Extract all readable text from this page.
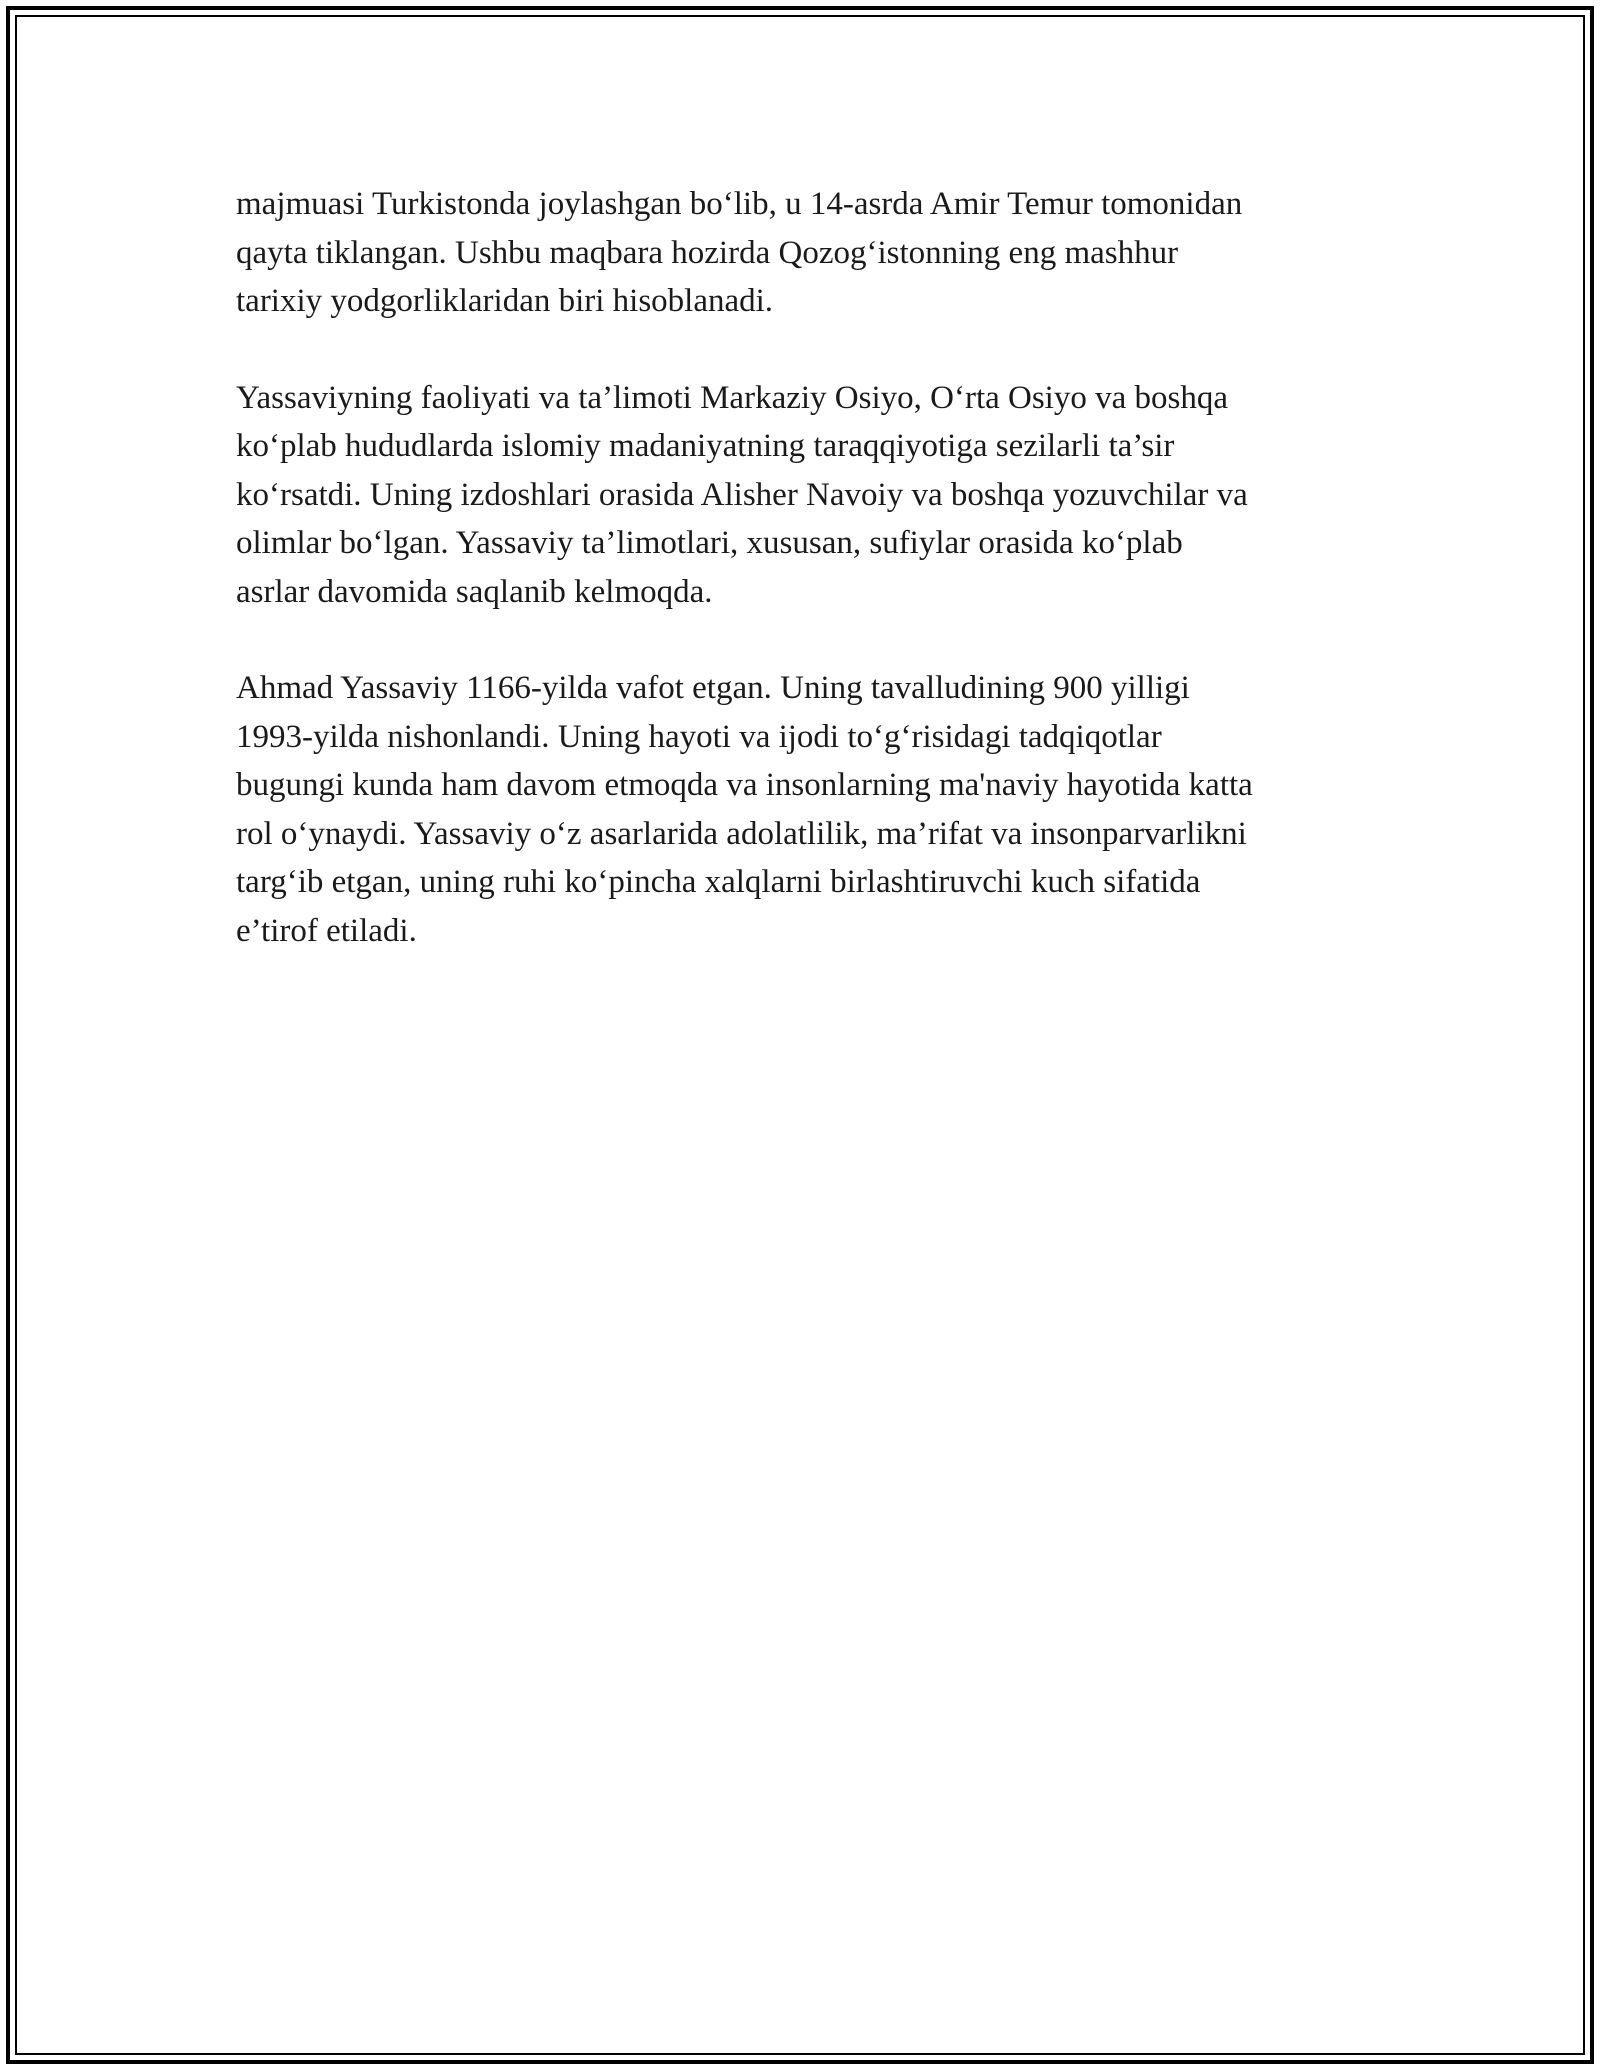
majmuasi Turkistonda joylashgan bo‘lib, u 14-asrda Amir Temur tomonidan
qayta tiklangan. Ushbu maqbara hozirda Qozog‘istonning eng mashhur
tarixiy yodgorliklaridan biri hisoblanadi.

Yassaviyning faoliyati va ta’limoti Markaziy Osiyo, O‘rta Osiyo va boshqa
ko‘plab hududlarda islomiy madaniyatning taraqqiyotiga sezilarli ta’sir
ko‘rsatdi. Uning izdoshlari orasida Alisher Navoiy va boshqa yozuvchilar va
olimlar bo‘lgan. Yassaviy ta’limotlari, xususan, sufiylar orasida ko‘plab
asrlar davomida saqlanib kelmoqda.

Ahmad Yassaviy 1166-yilda vafot etgan. Uning tavalludining 900 yilligi
1993-yilda nishonlandi. Uning hayoti va ijodi to‘g‘risidagi tadqiqotlar
bugungi kunda ham davom etmoqda va insonlarning ma'naviy hayotida katta
rol o‘ynaydi. Yassaviy o‘z asarlarida adolatlilik, ma’rifat va insonparvarlikni
targ‘ib etgan, uning ruhi ko‘pincha xalqlarni birlashtiruvchi kuch sifatida
e’tirof etiladi.
